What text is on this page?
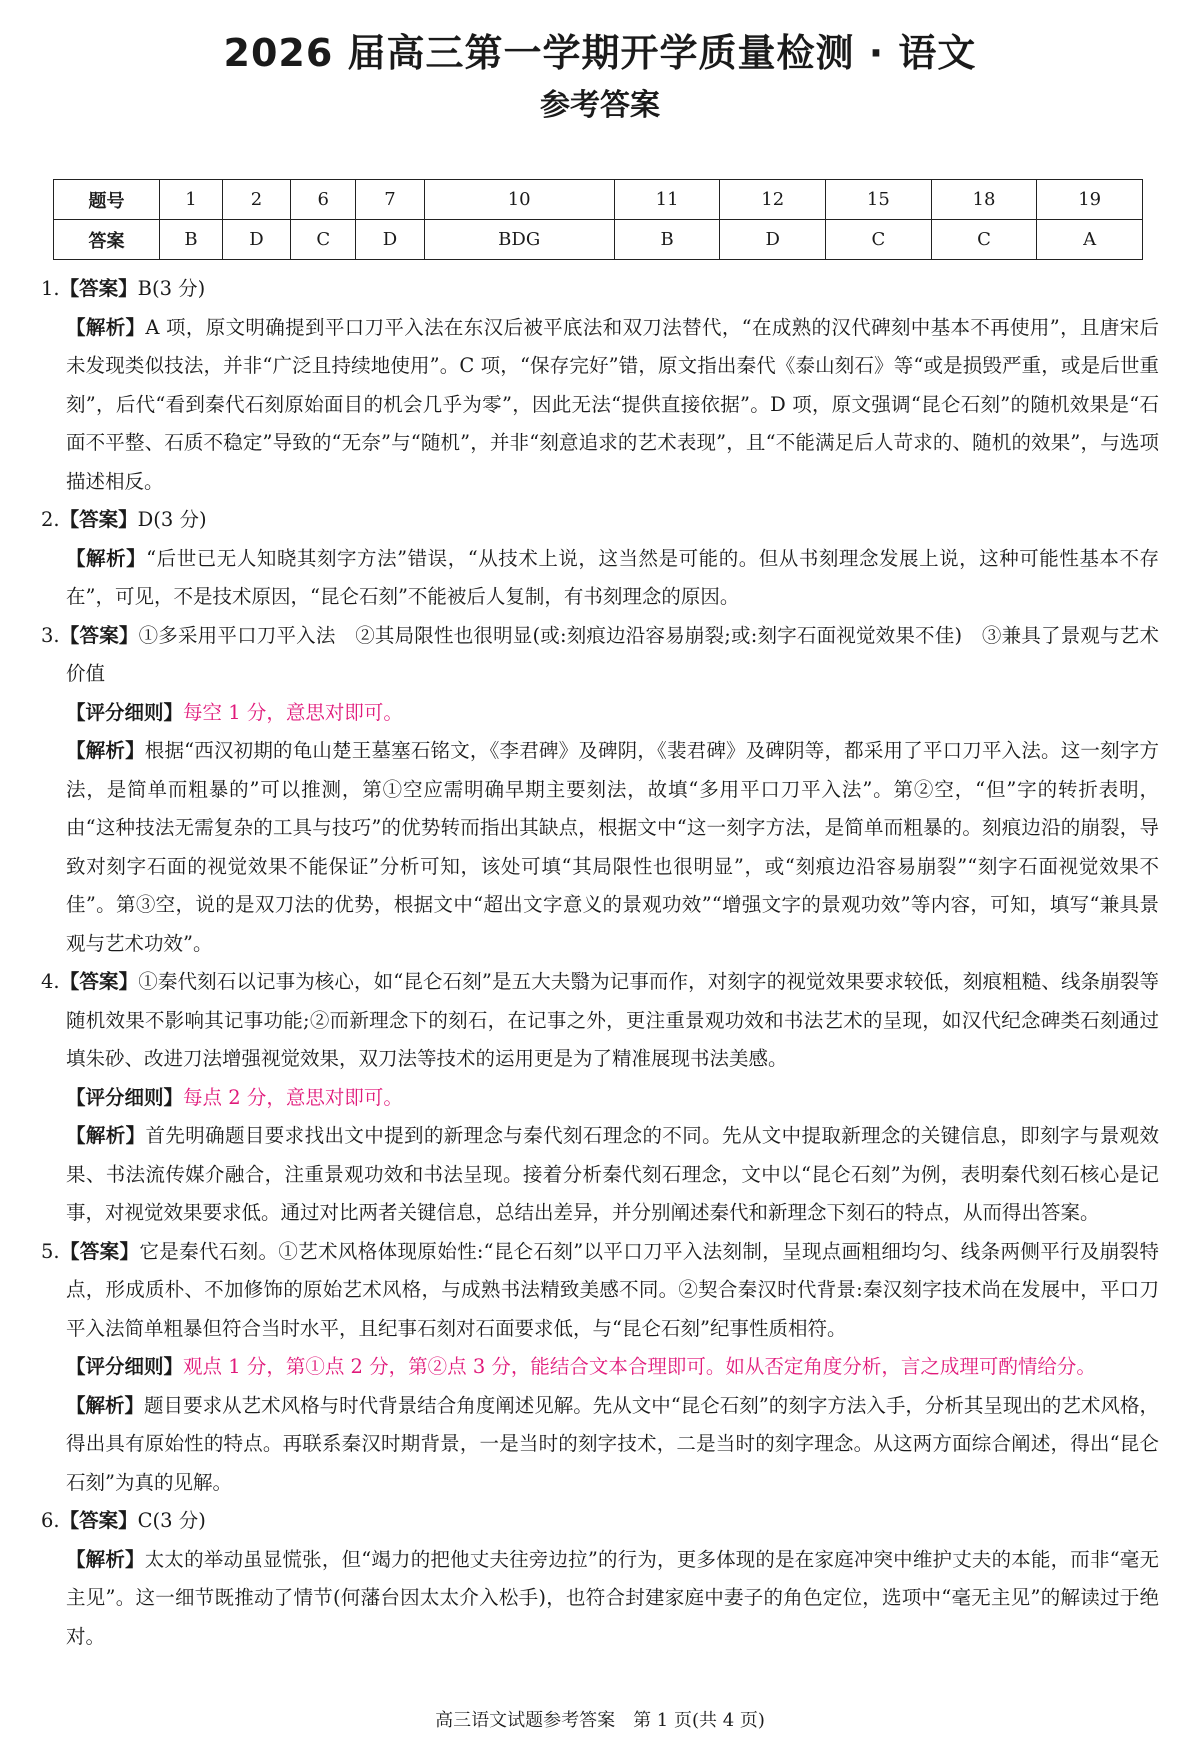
2026 届高三第一学期开学质量检测 · 语文
参考答案
题号	1	2	6	7	10	11	12	15	18	19
答案	B	D	C	D	BDG	B	D	C	C	A

1.【答案】B(3 分)

【解析】A 项，原文明确提到平口刀平入法在东汉后被平底法和双刀法替代，“在成熟的汉代碑刻中基本不再使用”，且唐宋后未发现类似技法，并非“广泛且持续地使用”。C 项，“保存完好”错，原文指出秦代《泰山刻石》等“或是损毁严重，或是后世重刻”，后代“看到秦代石刻原始面目的机会几乎为零”，因此无法“提供直接依据”。D 项，原文强调“昆仑石刻”的随机效果是“石面不平整、石质不稳定”导致的“无奈”与“随机”，并非“刻意追求的艺术表现”，且“不能满足后人苛求的、随机的效果”，与选项描述相反。

2.【答案】D(3 分)

【解析】“后世已无人知晓其刻字方法”错误，“从技术上说，这当然是可能的。但从书刻理念发展上说，这种可能性基本不存在”，可见，不是技术原因，“昆仑石刻”不能被后人复制，有书刻理念的原因。

3.【答案】①多采用平口刀平入法　②其局限性也很明显(或:刻痕边沿容易崩裂;或:刻字石面视觉效果不佳)　③兼具了景观与艺术价值

【评分细则】每空 1 分，意思对即可。

【解析】根据“西汉初期的龟山楚王墓塞石铭文，《李君碑》及碑阴，《裴君碑》及碑阴等，都采用了平口刀平入法。这一刻字方法，是简单而粗暴的”可以推测，第①空应需明确早期主要刻法，故填“多用平口刀平入法”。第②空，“但”字的转折表明，由“这种技法无需复杂的工具与技巧”的优势转而指出其缺点，根据文中“这一刻字方法，是简单而粗暴的。刻痕边沿的崩裂，导致对刻字石面的视觉效果不能保证”分析可知，该处可填“其局限性也很明显”，或“刻痕边沿容易崩裂”“刻字石面视觉效果不佳”。第③空，说的是双刀法的优势，根据文中“超出文字意义的景观功效”“增强文字的景观功效”等内容，可知，填写“兼具景观与艺术功效”。

4.【答案】①秦代刻石以记事为核心，如“昆仑石刻”是五大夫翳为记事而作，对刻字的视觉效果要求较低，刻痕粗糙、线条崩裂等随机效果不影响其记事功能;②而新理念下的刻石，在记事之外，更注重景观功效和书法艺术的呈现，如汉代纪念碑类石刻通过填朱砂、改进刀法增强视觉效果，双刀法等技术的运用更是为了精准展现书法美感。

【评分细则】每点 2 分，意思对即可。

【解析】首先明确题目要求找出文中提到的新理念与秦代刻石理念的不同。先从文中提取新理念的关键信息，即刻字与景观效果、书法流传媒介融合，注重景观功效和书法呈现。接着分析秦代刻石理念，文中以“昆仑石刻”为例，表明秦代刻石核心是记事，对视觉效果要求低。通过对比两者关键信息，总结出差异，并分别阐述秦代和新理念下刻石的特点，从而得出答案。

5.【答案】它是秦代石刻。①艺术风格体现原始性:“昆仑石刻”以平口刀平入法刻制，呈现点画粗细均匀、线条两侧平行及崩裂特点，形成质朴、不加修饰的原始艺术风格，与成熟书法精致美感不同。②契合秦汉时代背景:秦汉刻字技术尚在发展中，平口刀平入法简单粗暴但符合当时水平，且纪事石刻对石面要求低，与“昆仑石刻”纪事性质相符。

【评分细则】观点 1 分，第①点 2 分，第②点 3 分，能结合文本合理即可。如从否定角度分析，言之成理可酌情给分。

【解析】题目要求从艺术风格与时代背景结合角度阐述见解。先从文中“昆仑石刻”的刻字方法入手，分析其呈现出的艺术风格，得出具有原始性的特点。再联系秦汉时期背景，一是当时的刻字技术，二是当时的刻字理念。从这两方面综合阐述，得出“昆仑石刻”为真的见解。

6.【答案】C(3 分)

【解析】太太的举动虽显慌张，但“竭力的把他丈夫往旁边拉”的行为，更多体现的是在家庭冲突中维护丈夫的本能，而非“毫无主见”。这一细节既推动了情节(何藩台因太太介入松手)，也符合封建家庭中妻子的角色定位，选项中“毫无主见”的解读过于绝对。

高三语文试题参考答案　第 1 页(共 4 页)
